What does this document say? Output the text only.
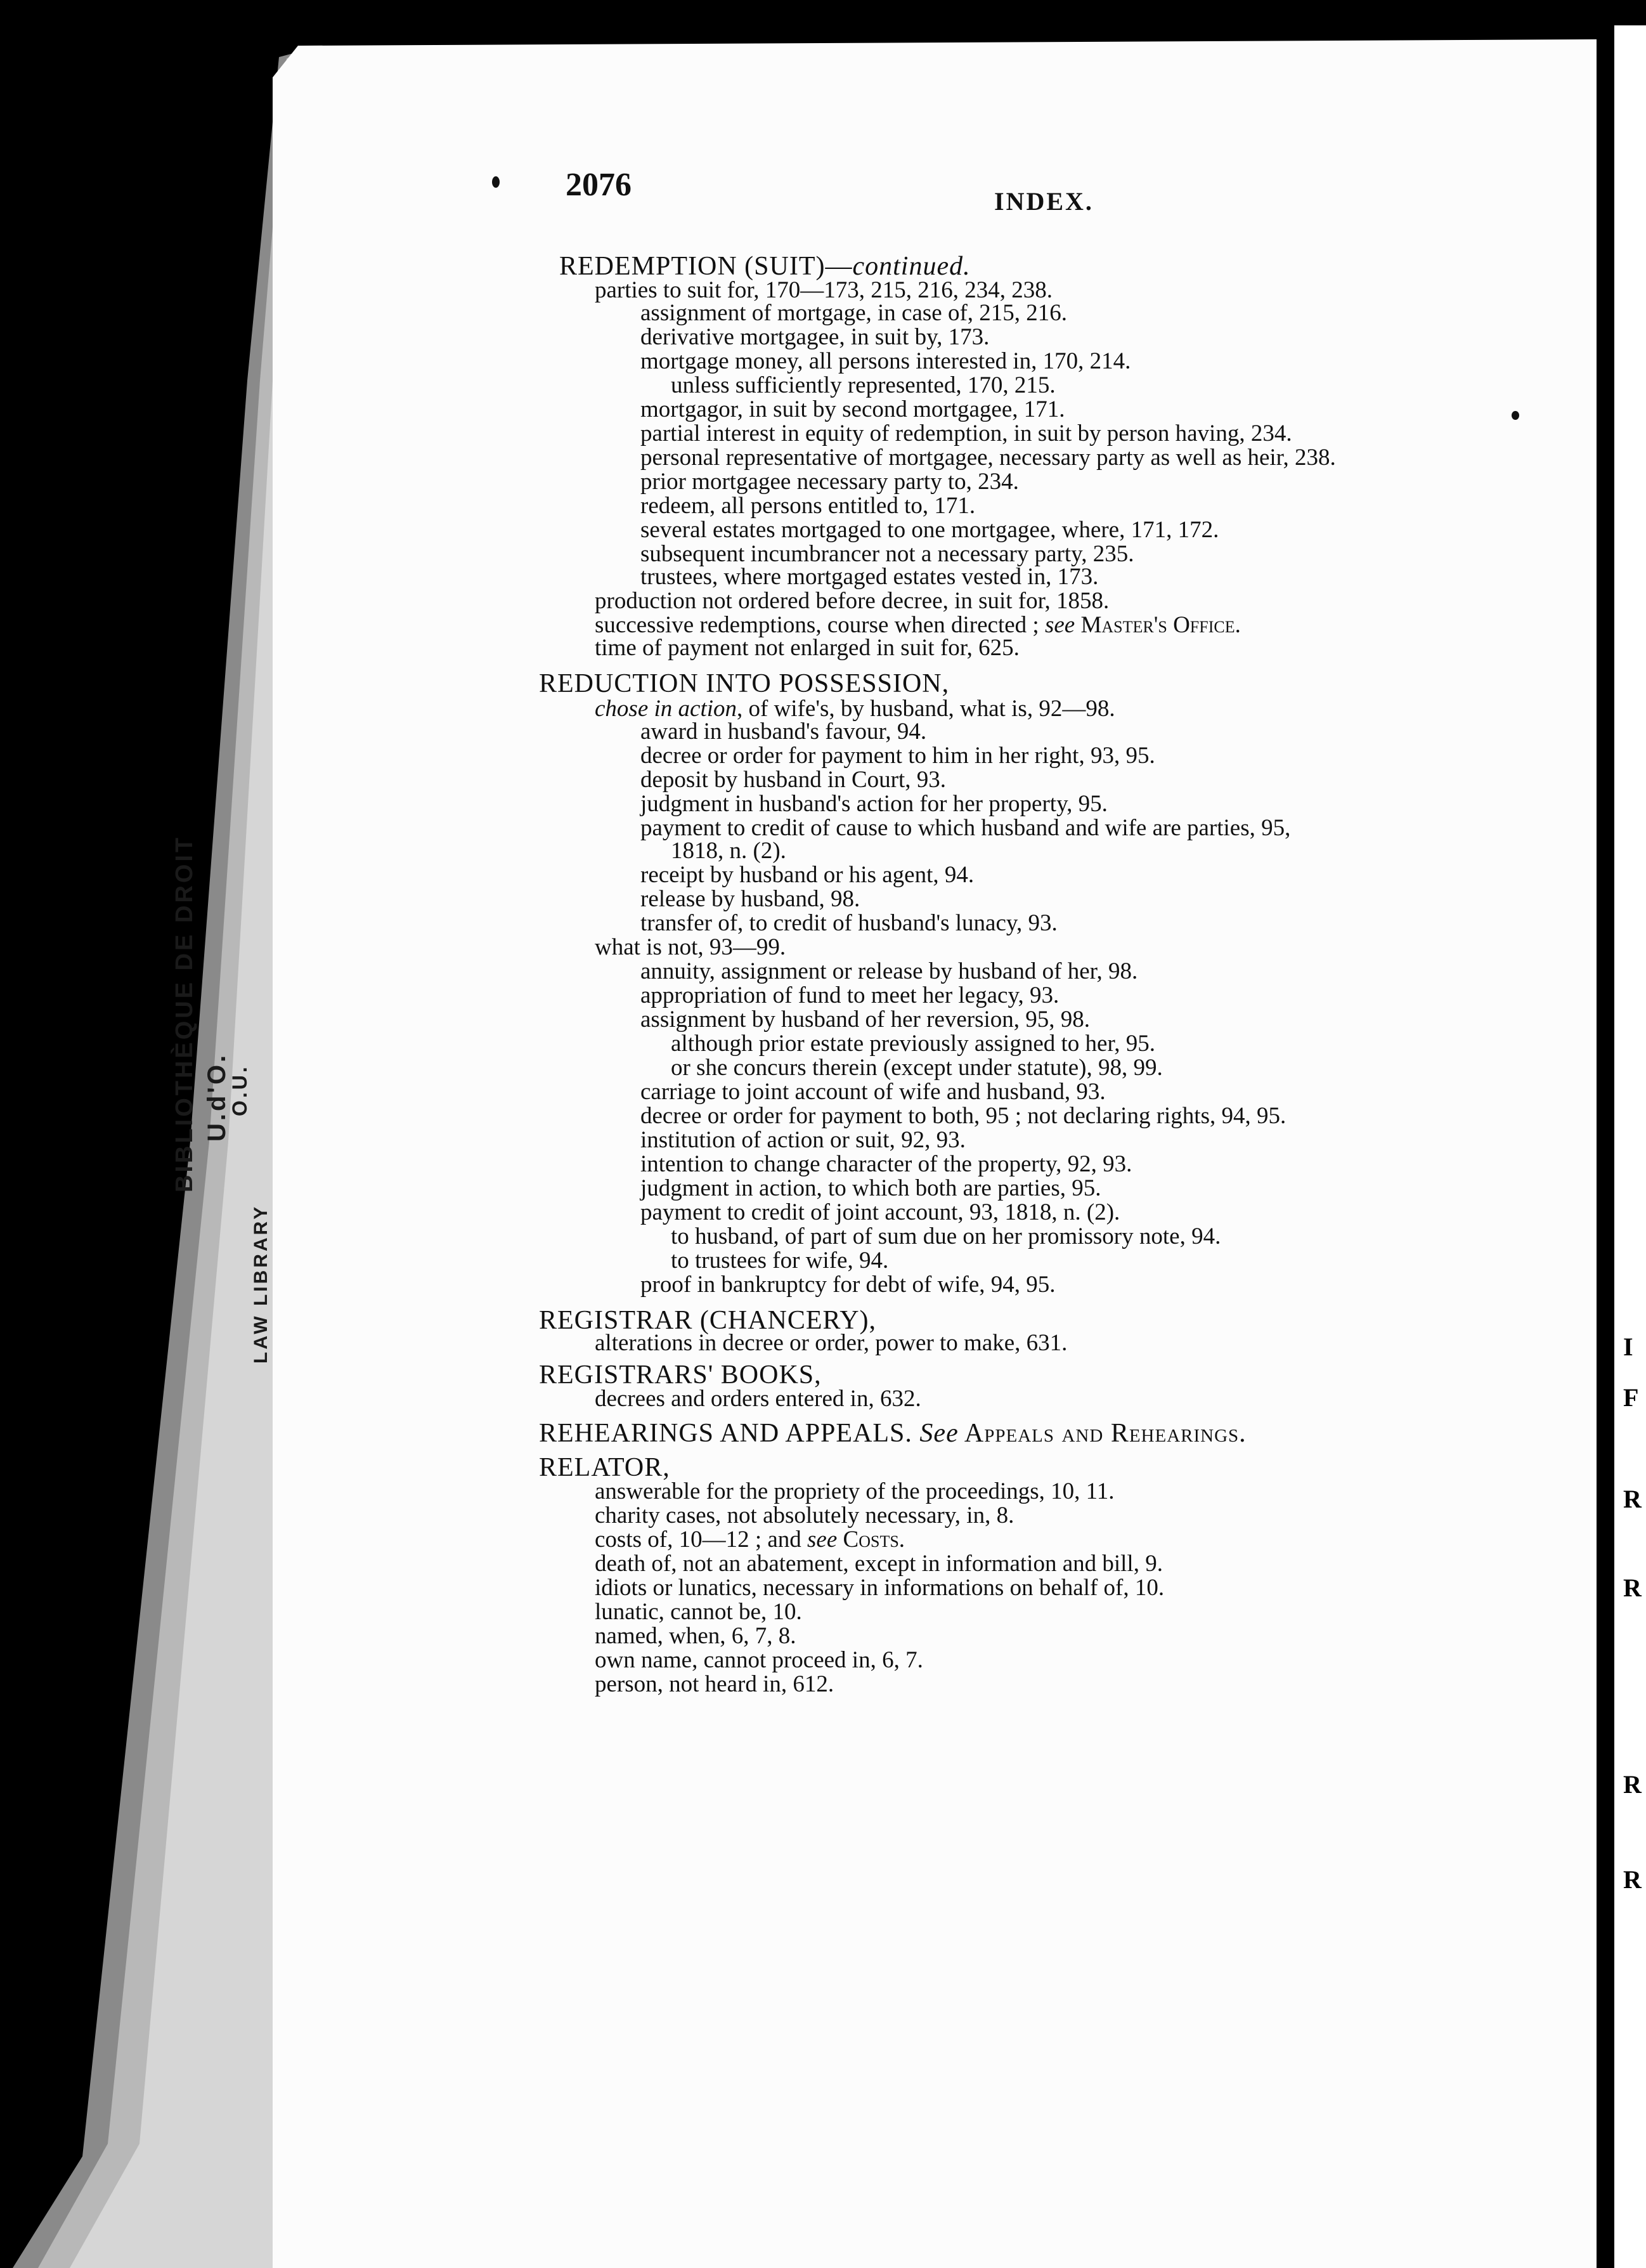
BIBLIOTHÈQUE DE DROIT U.d'O.
O.U.
LAW LIBRARY	I
F
R
R
R
R
2076	INDEX.
REDEMPTION (SUIT)—continued.
parties to suit for, 170—173, 215, 216, 234, 238.
assignment of mortgage, in case of, 215, 216.
derivative mortgagee, in suit by, 173.
mortgage money, all persons interested in, 170, 214.
unless sufficiently represented, 170, 215.
mortgagor, in suit by second mortgagee, 171.
partial interest in equity of redemption, in suit by person having, 234.
personal representative of mortgagee, necessary party as well as heir, 238.
prior mortgagee necessary party to, 234.
redeem, all persons entitled to, 171.
several estates mortgaged to one mortgagee, where, 171, 172.
subsequent incumbrancer not a necessary party, 235.
trustees, where mortgaged estates vested in, 173.
production not ordered before decree, in suit for, 1858.
successive redemptions, course when directed ; see Master's Office.
time of payment not enlarged in suit for, 625.
REDUCTION INTO POSSESSION,
chose in action, of wife's, by husband, what is, 92—98.
award in husband's favour, 94.
decree or order for payment to him in her right, 93, 95.
deposit by husband in Court, 93.
judgment in husband's action for her property, 95.
payment to credit of cause to which husband and wife are parties, 95,
1818, n. (2).
receipt by husband or his agent, 94.
release by husband, 98.
transfer of, to credit of husband's lunacy, 93.
what is not, 93—99.
annuity, assignment or release by husband of her, 98.
appropriation of fund to meet her legacy, 93.
assignment by husband of her reversion, 95, 98.
although prior estate previously assigned to her, 95.
or she concurs therein (except under statute), 98, 99.
carriage to joint account of wife and husband, 93.
decree or order for payment to both, 95 ; not declaring rights, 94, 95.
institution of action or suit, 92, 93.
intention to change character of the property, 92, 93.
judgment in action, to which both are parties, 95.
payment to credit of joint account, 93, 1818, n. (2).
to husband, of part of sum due on her promissory note, 94.
to trustees for wife, 94.
proof in bankruptcy for debt of wife, 94, 95.
REGISTRAR (CHANCERY),
alterations in decree or order, power to make, 631.
REGISTRARS' BOOKS,
decrees and orders entered in, 632.
REHEARINGS AND APPEALS. See Appeals and Rehearings.
RELATOR,
answerable for the propriety of the proceedings, 10, 11.
charity cases, not absolutely necessary, in, 8.
costs of, 10—12 ; and see Costs.
death of, not an abatement, except in information and bill, 9.
idiots or lunatics, necessary in informations on behalf of, 10.
lunatic, cannot be, 10.
named, when, 6, 7, 8.
own name, cannot proceed in, 6, 7.
person, not heard in, 612.
